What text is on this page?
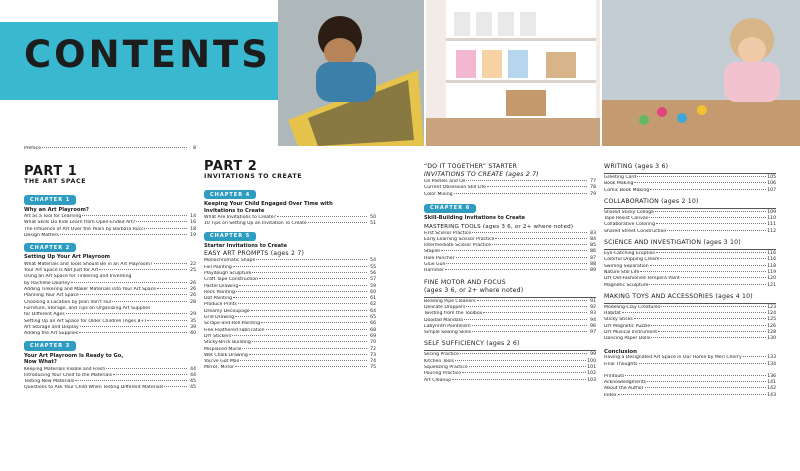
CONTENTS
Preface	8
PART 1
THE ART SPACE
CHAPTER 1
Why an Art Playroom?
Art as a Tool for Learning	14
What Skills Do Kids Learn from Open-Ended Art?	16
The Influence of Art Over the Years by Barbara Rucci	18
Design Matters	19
CHAPTER 2
Setting Up Your Art Playroom
What Materials and Tools Should Be in an Art Playroom?	22
Your Art Space Is Not Just for Art	25
Using an Art Space for Tinkering and Inventing
by Rachelle Doorley	26
Adding Tinkering and Maker Materials into Your Art Space	26
Planning Your Art Space	26
Choosing a Location by Jean Van't Hul	28
Furniture, Storage, and Tips on Organizing Art Supplies
for Different Ages	29
Setting Up an Art Space for Older Children (Ages 8+)	35
Art Storage and Display	39
Adding the Art Supplies	40
CHAPTER 3
Your Art Playroom Is Ready to Go, Now What?
Keeping Materials Visible and Fresh	44
Introducing Your Child to the Materials	44
Testing New Materials	45
Questions to Ask Your Child When Testing Different Materials	45
PART 2
INVITATIONS TO CREATE
CHAPTER 4
Keeping Your Child Engaged Over Time with Invitations to Create
What Are Invitations to Create?	50
10 Tips on Setting Up an Invitation To Create	51
CHAPTER 5
Starter Invitations to Create
EASY ART PROMPTS (ages 2 7)
Monochromatic Shape	54
Foil Painting	55
Playdough Sculpture	56
Craft Tape Construction	57
Pastel Drawing	59
Rock Painting	60
Dot Painting	61
Produce Prints	62
Dreamy Decoupage	64
Grid Drawing	65
Scrape-and-Roll Painting	66
Fine Feathered Fabrication	68
DIY Stickers	69
Sticky-Brick Building	70
Misplaced Mural	72
Wet Chalk Drawing	73
You've Got Mail	74
Mirror, Mirror	75
“DO IT TOGETHER” STARTER
INVITATIONS TO CREATE (ages 2 7)
Oil Pastels and Oil	77
Current Obsession Still Life	78
Color Mixing	79
CHAPTER 6
Skill-Building Invitations to Create
MASTERING TOOLS (ages 3 6, or 2+ where noted)
First Scissor Practice	83
Early Learning Scissor Practice	84
Intermediate Scissor Practice	85
Stapler	86
Hole Puncher	87
Glue Gun	88
Hammer	89
FINE MOTOR AND FOCUS
(ages 3 6, or 2+ where noted)
Beading Pipe Cleaners	91
Delicate Droppers	92
Twisting from the Toolbox	93
Doodad Mandala	94
Labyrinth Pointillism	96
Simple Sewing Skills	97
SELF SUFFICIENCY (ages 2 6)
Slicing Practice	99
Kitchen Tools	100
Squeezing Practice	101
Pouring Practice	102
Art Cleanup	103
WRITING (ages 3 6)
Greeting Card	105
Book Making	106
Comic Book Making	107
COLLABORATION (ages 2 10)
Shared Sticky Collage	109
Tape Resist Canvas	110
Collaborative Coloring	111
Shared Street Construction	112
SCIENCE AND INVESTIGATION (ages 3 10)
Eye-Catching Eruption	116
Colorful Dripping Cream	116
Swirling Separation	118
Nature Still Life	119
DIY Old-Fashioned Tempera Paint	120
Magnetic Sculpture	121
MAKING TOYS AND ACCESSORIES (ages 4 10)
Modeling-Clay Creatures	123
Habitat	124
Sticky Sticks	125
DIY Magnetic Puzzle	126
DIY Musical Instrument	128
Dancing Paper Dolls	130
Conclusion
Having a Designated Art Space in Our Home by Meri Cherry	133
Final Thoughts	134
Printouts	136
Acknowledgments	141
About the Author	142
Index	143
